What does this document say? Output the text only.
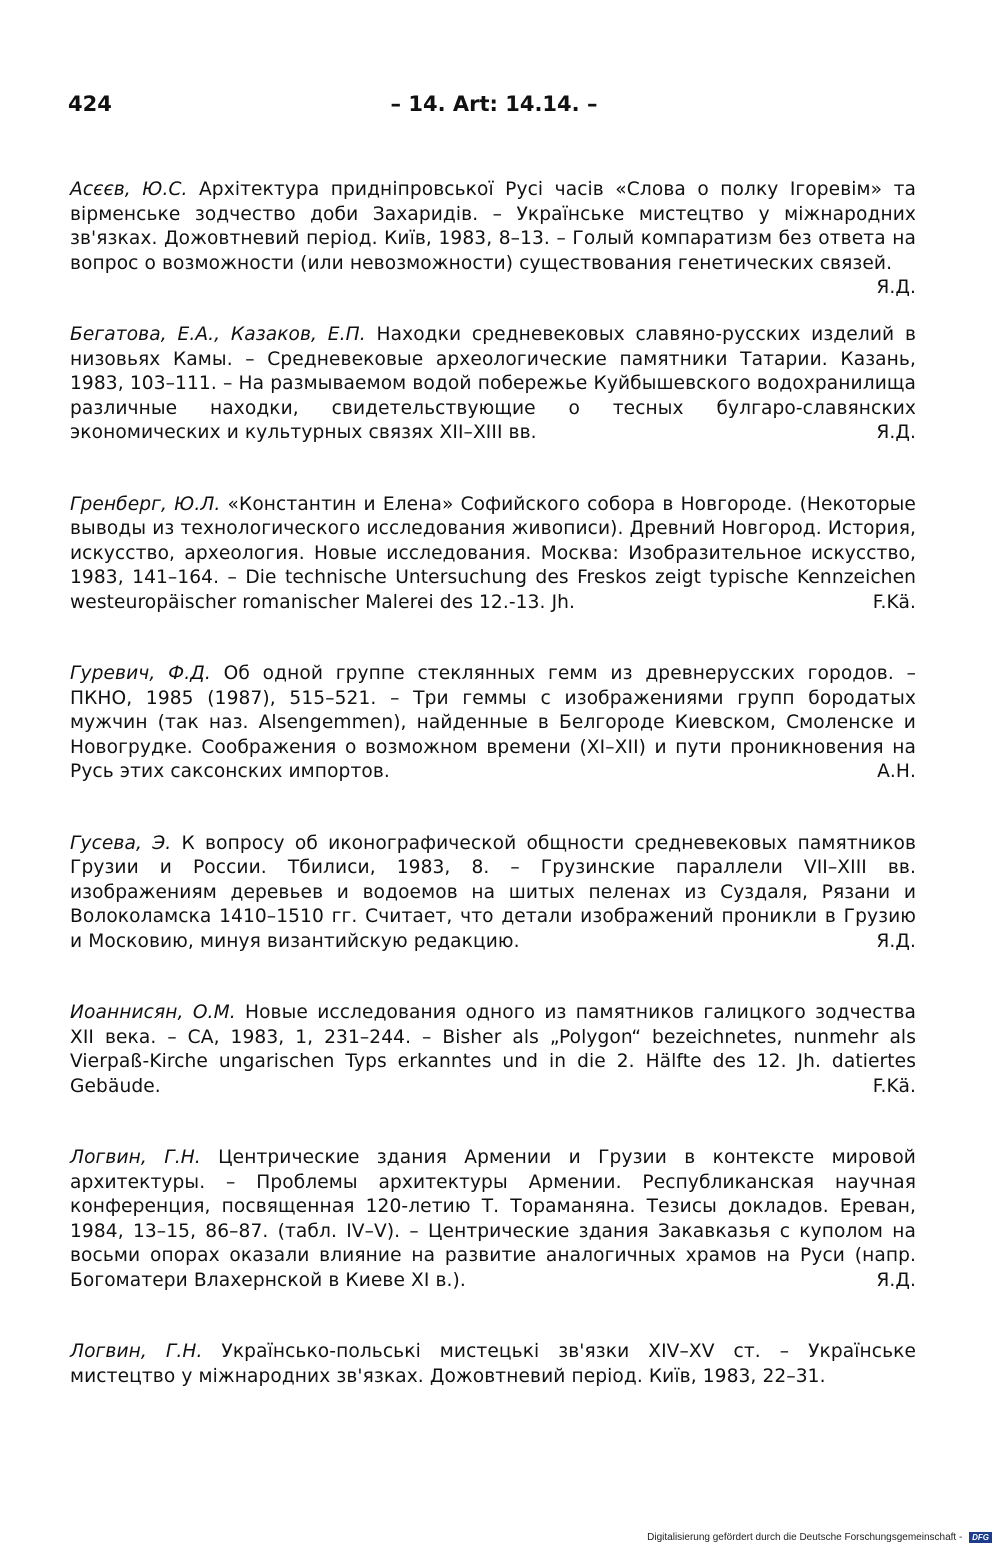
424	– 14. Art: 14.14. –

Асєєв, Ю.С. Архітектура придніпровської Русі часів «Слова о полку Ігоревім» та вірменське зодчество доби Захаридів. – Українське мистецтво у міжнародних зв'язках. Дожовтневий період. Київ, 1983, 8–13. – Голый компаратизм без ответа на вопрос о возможности (или невозможности) существования генетических связей.
Я.Д.

Бегатова, Е.А., Казаков, Е.П. Находки средневековых славяно-русских изделий в низовьях Камы. – Средневековые археологические памятники Татарии. Казань, 1983, 103–111. – На размываемом водой побережье Куйбышевского водохранилища различные находки, свидетельствующие о тесных булгаро-славянских экономических и культурных связях XII–XIII вв.	Я.Д.

Гренберг, Ю.Л. «Константин и Елена» Софийского собора в Новгороде. (Некоторые выводы из технологического исследования живописи). Древний Новгород. История, искусство, археология. Новые исследования. Москва: Изобразительное искусство, 1983, 141–164. – Die technische Untersuchung des Freskos zeigt typische Kennzeichen westeuropäischer romanischer Malerei des 12.-13. Jh.	F.Kä.

Гуревич, Ф.Д. Об одной группе стеклянных гемм из древнерусских городов. – ПКНО, 1985 (1987), 515–521. – Три геммы с изображениями групп бородатых мужчин (так наз. Alsengemmen), найденные в Белгороде Киевском, Смоленске и Новогрудке. Соображения о возможном времени (XI–XII) и пути проникновения на Русь этих саксонских импортов.	А.Н.

Гусева, Э. К вопросу об иконографической общности средневековых памятников Грузии и России. Тбилиси, 1983, 8. – Грузинские параллели VII–XIII вв. изображениям деревьев и водоемов на шитых пеленах из Суздаля, Рязани и Волоколамска 1410–1510 гг. Считает, что детали изображений проникли в Грузию и Московию, минуя византийскую редакцию.	Я.Д.

Иоаннисян, О.М. Новые исследования одного из памятников галицкого зодчества XII века. – СА, 1983, 1, 231–244. – Bisher als „Polygon“ bezeichnetes, nunmehr als Vierpaß-Kirche ungarischen Typs erkanntes und in die 2. Hälfte des 12. Jh. datiertes Gebäude.	F.Kä.

Логвин, Г.Н. Центрические здания Армении и Грузии в контексте мировой архитектуры. – Проблемы архитектуры Армении. Республиканская научная конференция, посвященная 120-летию Т. Тораманяна. Тезисы докладов. Ереван, 1984, 13–15, 86–87. (табл. IV–V). – Центрические здания Закавказья с куполом на восьми опорах оказали влияние на развитие аналогичных храмов на Руси (напр. Богоматери Влахернской в Киеве XI в.).	Я.Д.

Логвин, Г.Н. Українсько-польські мистецькі зв'язки XIV–XV ст. – Українське мистецтво у міжнародних зв'язках. Дожовтневий період. Київ, 1983, 22–31.

Digitalisierung gefördert durch die Deutsche Forschungsgemeinschaft - DFG
